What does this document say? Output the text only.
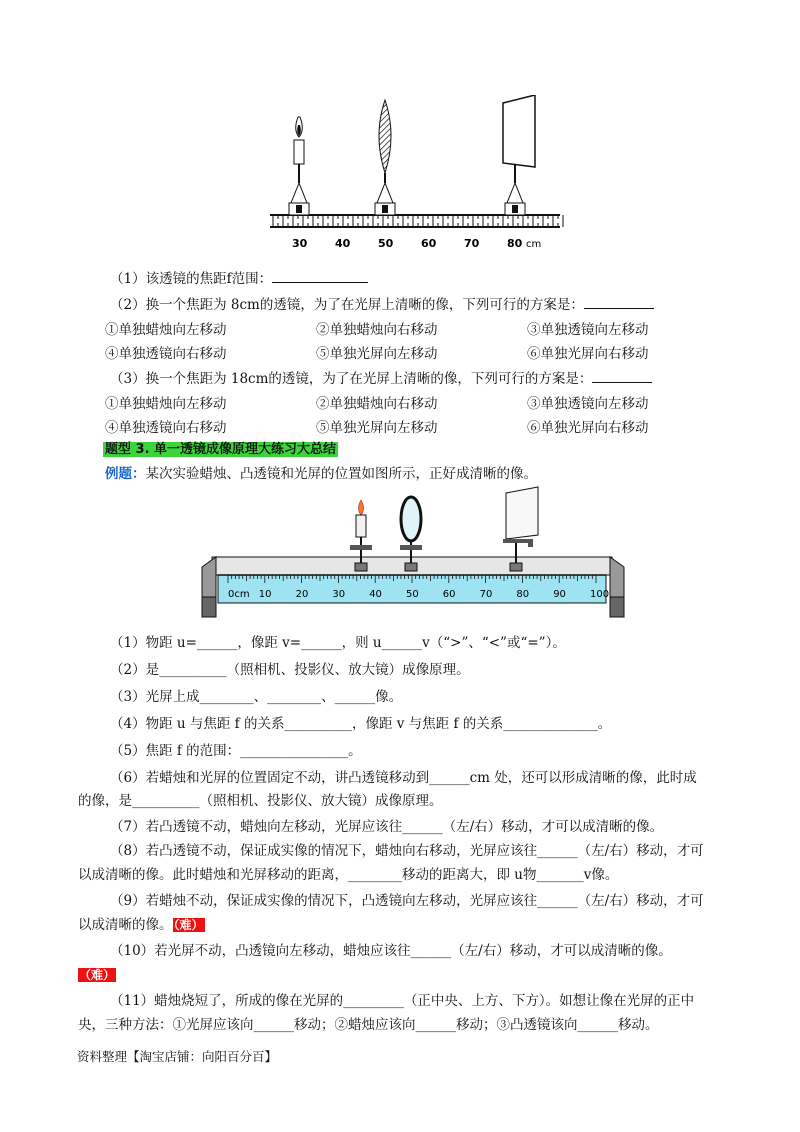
30	40	50	60	70	80 cm
（1）该透镜的焦距f范围：
（2）换一个焦距为 8cm的透镜，为了在光屏上清晰的像，下列可行的方案是：
①单独蜡烛向左移动	②单独蜡烛向右移动	③单独透镜向左移动
④单独透镜向右移动	⑤单独光屏向左移动	⑥单独光屏向右移动
（3）换一个焦距为 18cm的透镜，为了在光屏上清晰的像，下列可行的方案是：
①单独蜡烛向左移动	②单独蜡烛向右移动	③单独透镜向左移动
④单独透镜向右移动	⑤单独光屏向左移动	⑥单独光屏向右移动
题型 3. 单一透镜成像原理大练习大总结
例题：某次实验蜡烛、凸透镜和光屏的位置如图所示，正好成清晰的像。
0cm 10 20 30 40 50 60 70 80 90 100
（1）物距 u=______，像距 v=______，则 u______v（“>”、“<”或“=”）。
（2）是__________（照相机、投影仪、放大镜）成像原理。
（3）光屏上成________、________、______像。
（4）物距 u 与焦距 f 的关系__________，像距 v 与焦距 f 的关系______________。
（5）焦距 f 的范围：________________。
（6）若蜡烛和光屏的位置固定不动，讲凸透镜移动到______cm 处，还可以形成清晰的像，此时成
的像，是__________（照相机、投影仪、放大镜）成像原理。
（7）若凸透镜不动，蜡烛向左移动，光屏应该往______（左/右）移动，才可以成清晰的像。
（8）若凸透镜不动，保证成实像的情况下，蜡烛向右移动，光屏应该往______（左/右）移动，才可
以成清晰的像。此时蜡烛和光屏移动的距离，________移动的距离大，即 u物_______v像。
（9）若蜡烛不动，保证成实像的情况下，凸透镜向左移动，光屏应该往______（左/右）移动，才可
以成清晰的像。（难）
（10）若光屏不动，凸透镜向左移动，蜡烛应该往______（左/右）移动，才可以成清晰的像。
（难）
（11）蜡烛烧短了，所成的像在光屏的_________（正中央、上方、下方）。如想让像在光屏的正中
央，三种方法：①光屏应该向______移动；②蜡烛应该向______移动；③凸透镜该向______移动。
资料整理【淘宝店铺：向阳百分百】
